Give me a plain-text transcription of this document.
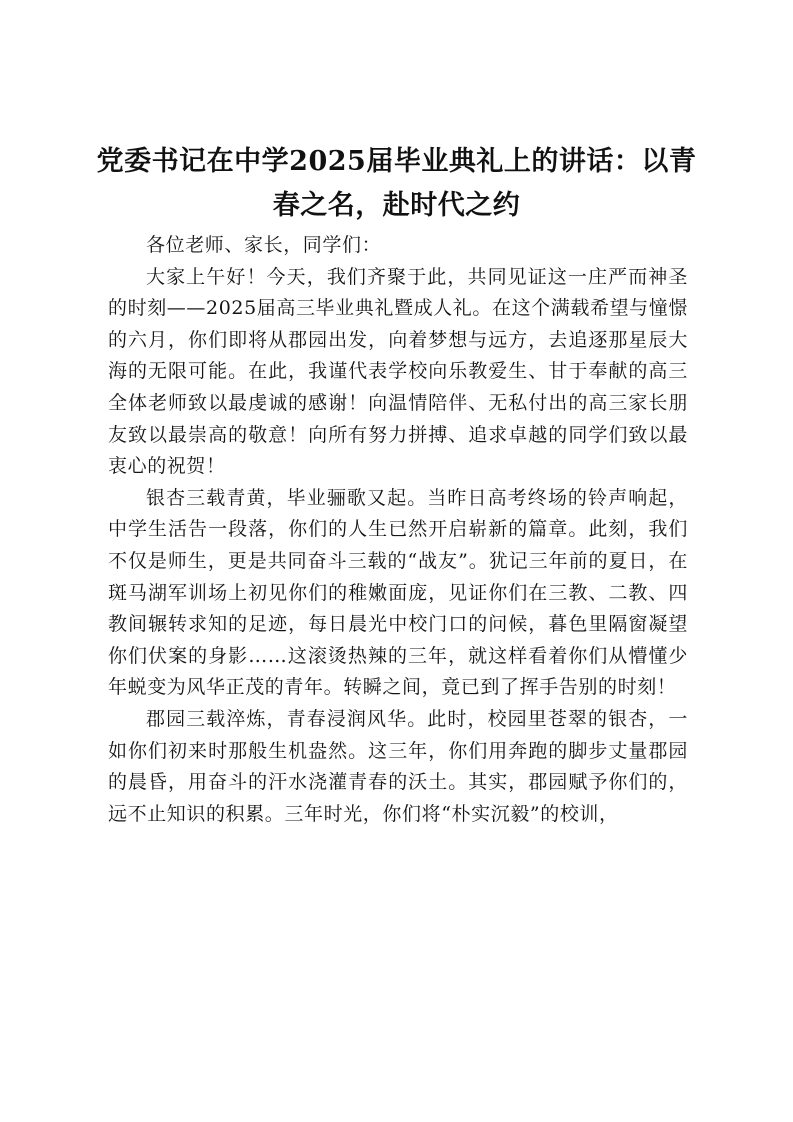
党委书记在中学2025届毕业典礼上的讲话：以青春之名，赴时代之约

各位老师、家长，同学们：

大家上午好！今天，我们齐聚于此，共同见证这一庄严而神圣的时刻——2025届高三毕业典礼暨成人礼。在这个满载希望与憧憬的六月，你们即将从郡园出发，向着梦想与远方，去追逐那星辰大海的无限可能。在此，我谨代表学校向乐教爱生、甘于奉献的高三全体老师致以最虔诚的感谢！向温情陪伴、无私付出的高三家长朋友致以最崇高的敬意！向所有努力拼搏、追求卓越的同学们致以最衷心的祝贺！

银杏三载青黄，毕业骊歌又起。当昨日高考终场的铃声响起，中学生活告一段落，你们的人生已然开启崭新的篇章。此刻，我们不仅是师生，更是共同奋斗三载的“战友”。犹记三年前的夏日，在斑马湖军训场上初见你们的稚嫩面庞，见证你们在三教、二教、四教间辗转求知的足迹，每日晨光中校门口的问候，暮色里隔窗凝望你们伏案的身影……这滚烫热辣的三年，就这样看着你们从懵懂少年蜕变为风华正茂的青年。转瞬之间，竟已到了挥手告别的时刻！

郡园三载淬炼，青春浸润风华。此时，校园里苍翠的银杏，一如你们初来时那般生机盎然。这三年，你们用奔跑的脚步丈量郡园的晨昏，用奋斗的汗水浇灌青春的沃土。其实，郡园赋予你们的，远不止知识的积累。三年时光，你们将“朴实沉毅”的校训，
